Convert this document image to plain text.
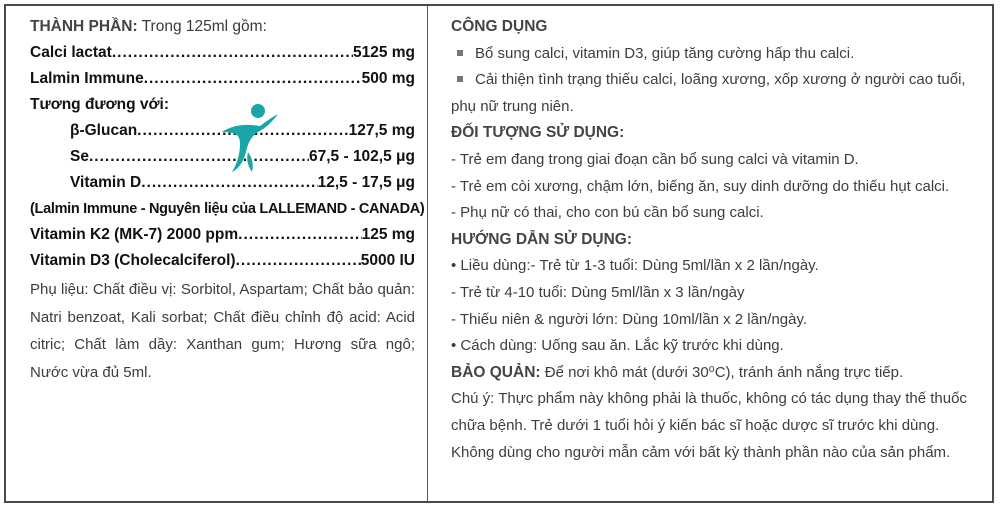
THÀNH PHẦN: Trong 125ml gồm:
Calci lactat .....	5125 mg
Lalmin Immune .....	500 mg
Tương đương với:
β-Glucan .....	127,5 mg
Se .....	67,5 - 102,5 μg
Vitamin D .....	12,5 - 17,5 μg
(Lalmin Immune - Nguyên liệu của LALLEMAND - CANADA)
Vitamin K2 (MK-7) 2000 ppm .....	125 mg
Vitamin D3 (Cholecalciferol) .....	5000 IU
Phụ liệu: Chất điều vị: Sorbitol, Aspartam; Chất bảo quản: Natri benzoat, Kali sorbat; Chất điều chỉnh độ acid: Acid citric; Chất làm dầy: Xanthan gum; Hương sữa ngô; Nước vừa đủ 5ml.
CÔNG DỤNG
Bổ sung calci, vitamin D3, giúp tăng cường hấp thu calci.
Cải thiện tình trạng thiếu calci, loãng xương, xốp xương ở người cao tuổi,
phụ nữ trung niên.
ĐỐI TƯỢNG SỬ DỤNG:
- Trẻ em đang trong giai đoạn cần bổ sung calci và vitamin D.
- Trẻ em còi xương, chậm lớn, biếng ăn, suy dinh dưỡng do thiếu hụt calci.
- Phụ nữ có thai, cho con bú cần bổ sung calci.
HƯỚNG DẪN SỬ DỤNG:
• Liều dùng:- Trẻ từ 1-3 tuổi: Dùng 5ml/lần x 2 lần/ngày.
- Trẻ từ 4-10 tuổi: Dùng 5ml/lần x 3 lần/ngày
- Thiếu niên & người lớn: Dùng 10ml/lần x 2 lần/ngày.
• Cách dùng: Uống sau ăn. Lắc kỹ trước khi dùng.
BẢO QUẢN: Để nơi khô mát (dưới 30⁰C), tránh ánh nắng trực tiếp.
Chú ý: Thực phẩm này không phải là thuốc, không có tác dụng thay thế thuốc
chữa bệnh. Trẻ dưới 1 tuổi hỏi ý kiến bác sĩ hoặc dược sĩ trước khi dùng.
Không dùng cho người mẫn cảm với bất kỳ thành phần nào của sản phẩm.
